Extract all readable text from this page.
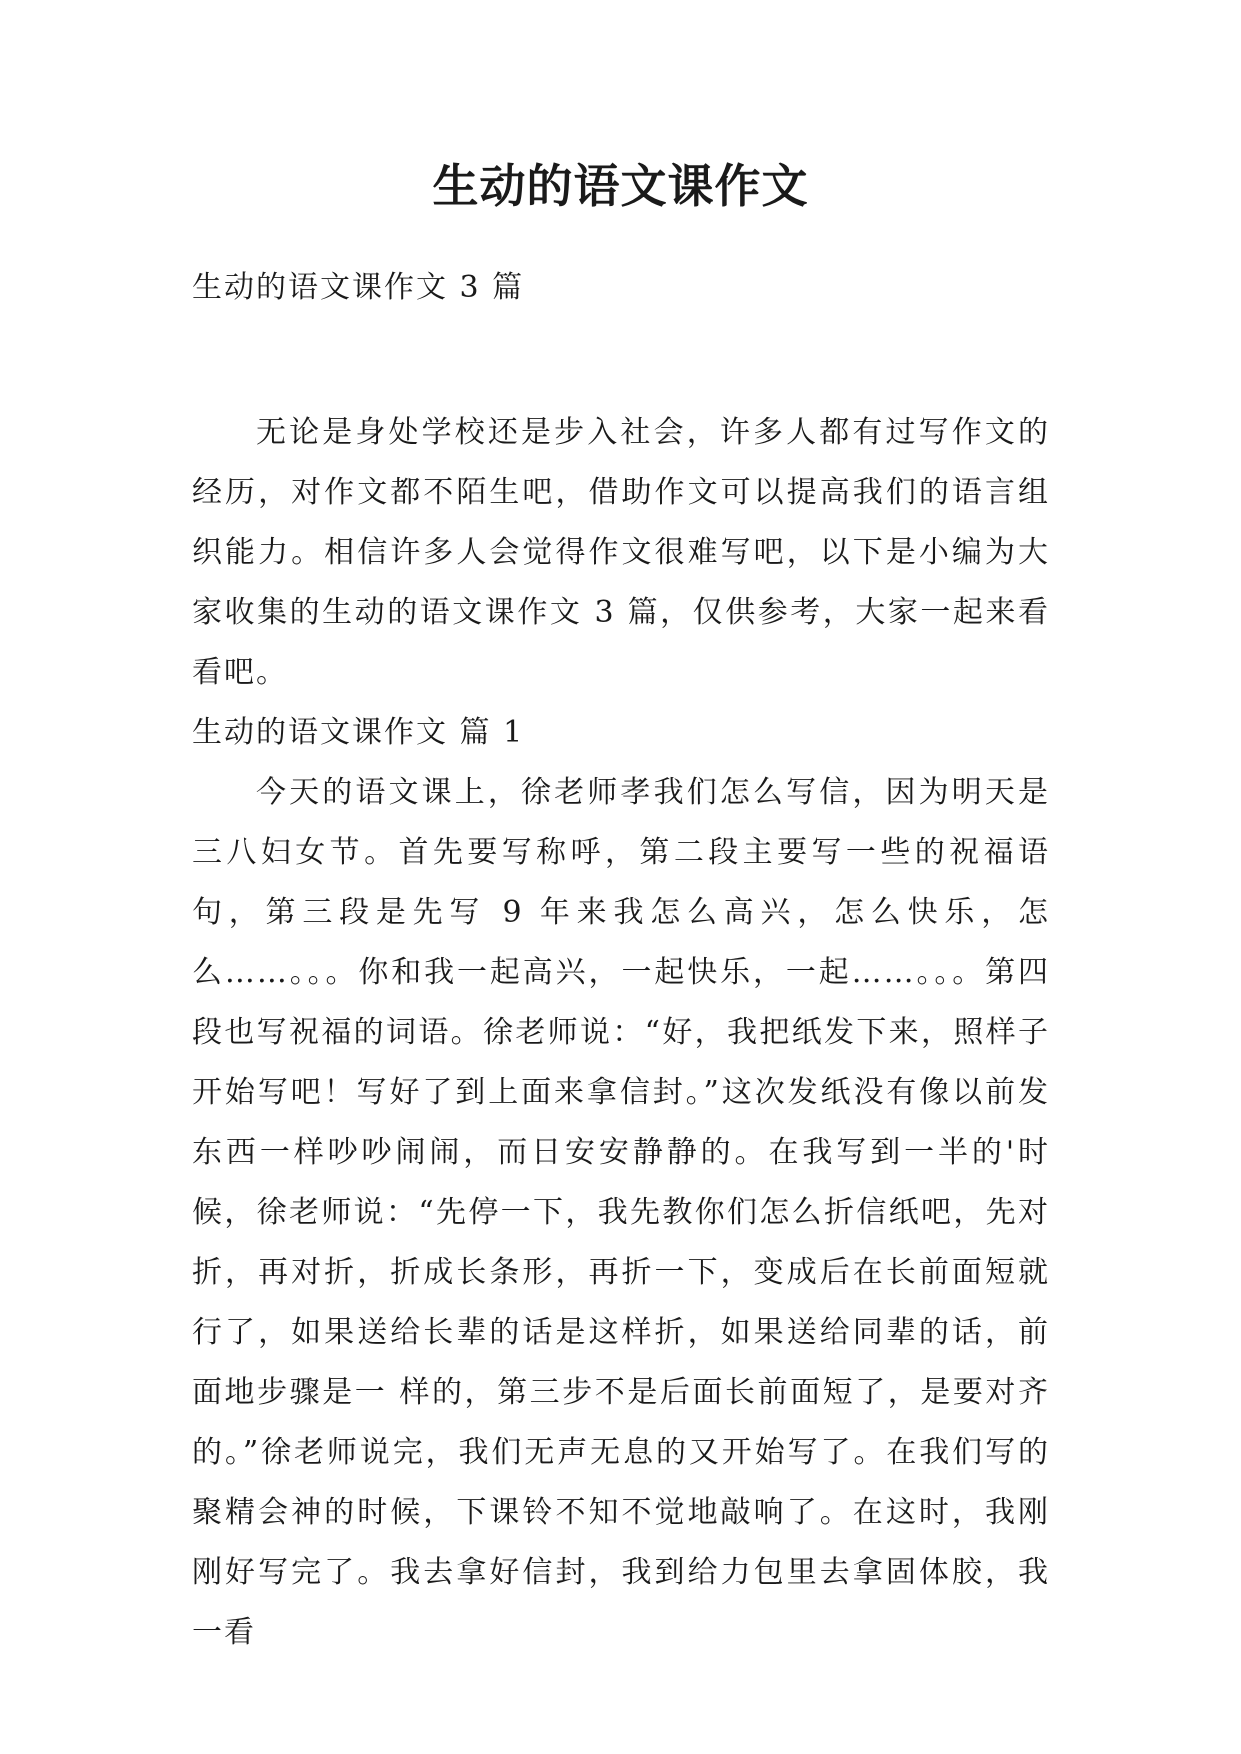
生动的语文课作文
生动的语文课作文 3 篇

无论是身处学校还是步入社会，许多人都有过写作文的经历，对作文都不陌生吧，借助作文可以提高我们的语言组织能力。相信许多人会觉得作文很难写吧，以下是小编为大家收集的生动的语文课作文 3 篇，仅供参考，大家一起来看看吧。

生动的语文课作文 篇 1

今天的语文课上，徐老师孝我们怎么写信，因为明天是三八妇女节。首先要写称呼，第二段主要写一些的祝福语句，第三段是先写 9 年来我怎么高兴，怎么快乐，怎么……。。。你和我一起高兴，一起快乐，一起……。。。第四段也写祝福的词语。徐老师说：“好，我把纸发下来，照样子开始写吧！写好了到上面来拿信封。”这次发纸没有像以前发东西一样吵吵闹闹，而日安安静静的。在我写到一半的'时候，徐老师说：“先停一下，我先教你们怎么折信纸吧，先对折，再对折，折成长条形，再折一下，变成后在长前面短就行了，如果送给长辈的话是这样折，如果送给同辈的话，前面地步骤是一 样的，第三步不是后面长前面短了，是要对齐的。”徐老师说完，我们无声无息的又开始写了。在我们写的聚精会神的时候，下课铃不知不觉地敲响了。在这时，我刚刚好写完了。我去拿好信封，我到给力包里去拿固体胶，我一看
